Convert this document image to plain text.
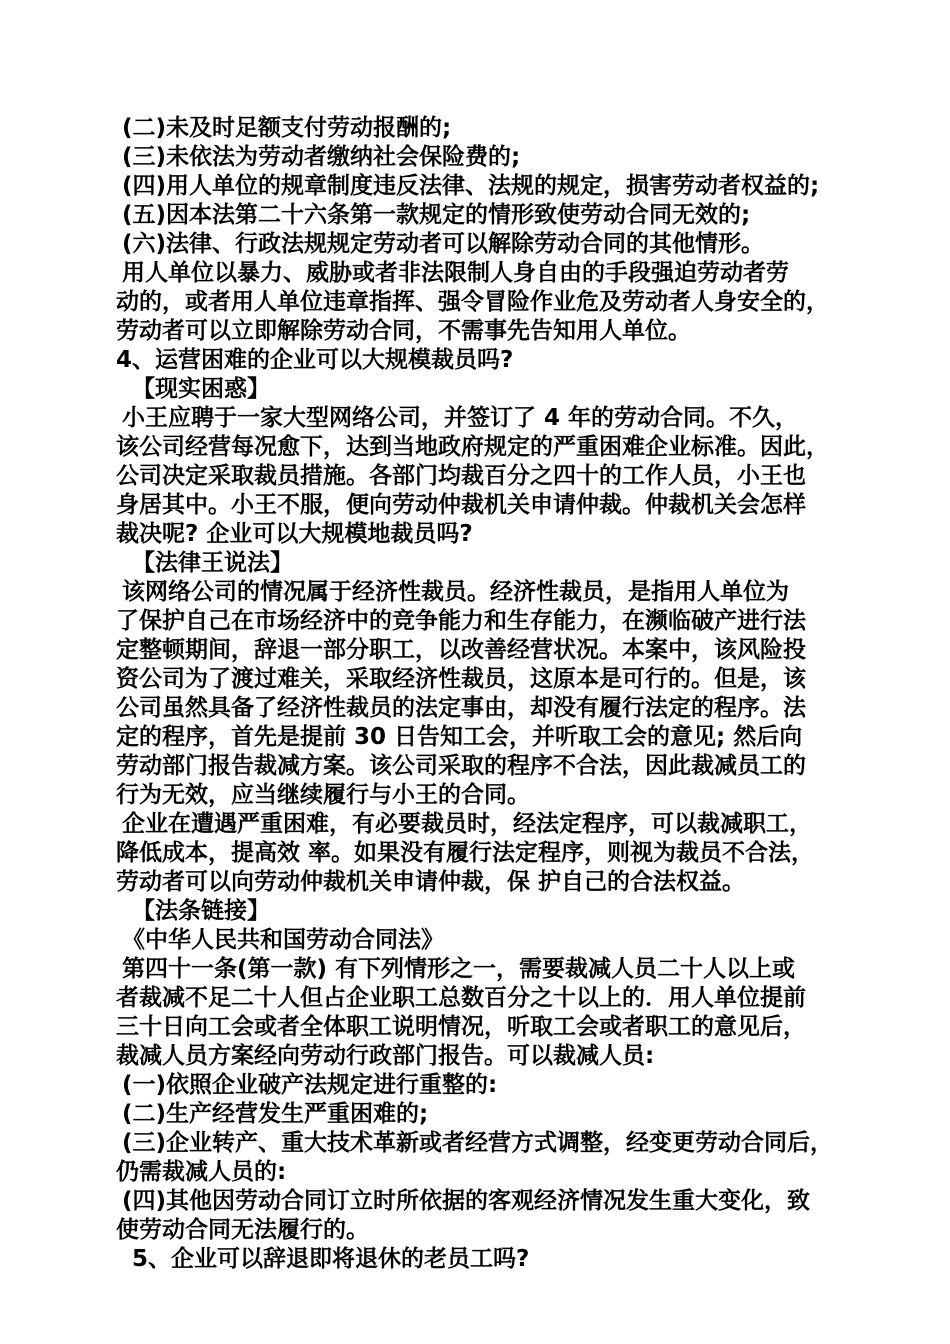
(二)未及时足额支付劳动报酬的;
(三)未依法为劳动者缴纳社会保险费的;
(四)用人单位的规章制度违反法律、法规的规定，损害劳动者权益的;
(五)因本法第二十六条第一款规定的情形致使劳动合同无效的;
(六)法律、行政法规规定劳动者可以解除劳动合同的其他情形。
用人单位以暴力、威胁或者非法限制人身自由的手段强迫劳动者劳
动的，或者用人单位违章指挥、强令冒险作业危及劳动者人身安全的，
劳动者可以立即解除劳动合同，不需事先告知用人单位。
4、运营困难的企业可以大规模裁员吗?
【现实困惑】
小王应聘于一家大型网络公司，并签订了 4 年的劳动合同。不久，
该公司经营每况愈下，达到当地政府规定的严重困难企业标准。因此，
公司决定采取裁员措施。各部门均裁百分之四十的工作人员，小王也
身居其中。小王不服，便向劳动仲裁机关申请仲裁。仲裁机关会怎样
裁决呢? 企业可以大规模地裁员吗?
【法律王说法】
该网络公司的情况属于经济性裁员。经济性裁员，是指用人单位为
了保护自己在市场经济中的竞争能力和生存能力，在濒临破产进行法
定整顿期间，辞退一部分职工，以改善经营状况。本案中，该风险投
资公司为了渡过难关，采取经济性裁员，这原本是可行的。但是，该
公司虽然具备了经济性裁员的法定事由，却没有履行法定的程序。法
定的程序，首先是提前 30 日告知工会，并听取工会的意见; 然后向
劳动部门报告裁减方案。该公司采取的程序不合法，因此裁减员工的
行为无效，应当继续履行与小王的合同。
企业在遭遇严重困难，有必要裁员时，经法定程序，可以裁减职工，
降低成本，提高效 率。如果没有履行法定程序，则视为裁员不合法，
劳动者可以向劳动仲裁机关申请仲裁，保 护自己的合法权益。
【法条链接】
《中华人民共和国劳动合同法》
第四十一条(第一款) 有下列情形之一，需要裁减人员二十人以上或
者裁减不足二十人但占企业职工总数百分之十以上的．用人单位提前
三十日向工会或者全体职工说明情况，听取工会或者职工的意见后，
裁减人员方案经向劳动行政部门报告。可以裁减人员:
(一)依照企业破产法规定进行重整的:
(二)生产经营发生严重困难的;
(三)企业转产、重大技术革新或者经营方式调整，经变更劳动合同后，
仍需裁减人员的:
(四)其他因劳动合同订立时所依据的客观经济情况发生重大变化，致
使劳动合同无法履行的。
5、企业可以辞退即将退休的老员工吗?
